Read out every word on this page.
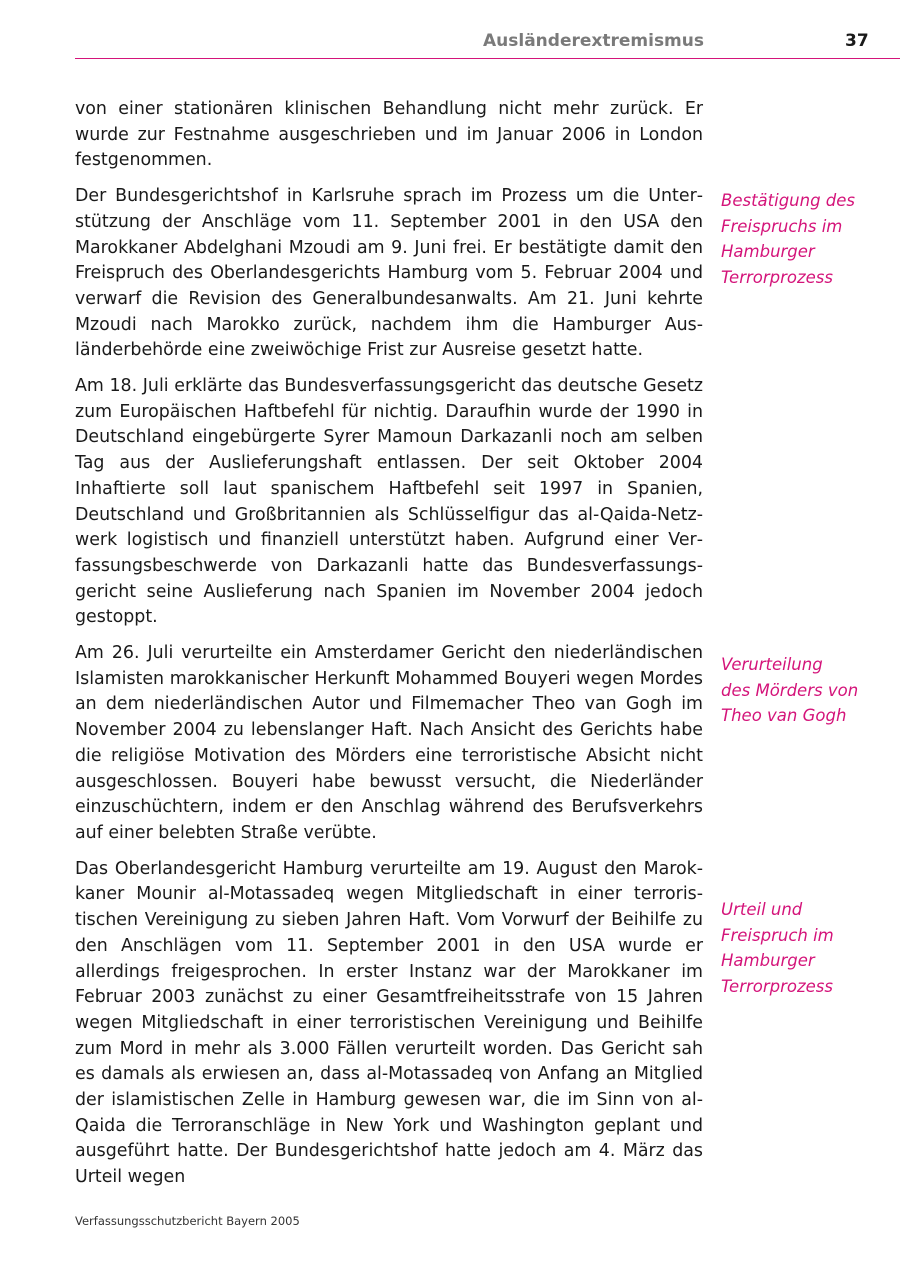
Ausländerextremismus	37

von einer stationären klinischen Behandlung nicht mehr zurück. Er wurde zur Festnahme ausgeschrieben und im Januar 2006 in London festgenommen.

Der Bundesgerichtshof in Karlsruhe sprach im Prozess um die Unterstützung der Anschläge vom 11. September 2001 in den USA den Marokkaner Abdelghani Mzoudi am 9. Juni frei. Er bestätigte damit den Freispruch des Oberlandesgerichts Hamburg vom 5. Februar 2004 und verwarf die Revision des Generalbundesanwalts. Am 21. Juni kehrte Mzoudi nach Marokko zurück, nachdem ihm die Hamburger Ausländerbehörde eine zweiwöchige Frist zur Ausreise gesetzt hatte.

Am 18. Juli erklärte das Bundesverfassungsgericht das deutsche Gesetz zum Europäischen Haftbefehl für nichtig. Daraufhin wurde der 1990 in Deutschland eingebürgerte Syrer Mamoun Darkazanli noch am selben Tag aus der Auslieferungshaft entlassen. Der seit Oktober 2004 Inhaftierte soll laut spanischem Haftbefehl seit 1997 in Spanien, Deutschland und Großbritannien als Schlüsselfigur das al-Qaida-Netzwerk logistisch und finanziell unterstützt haben. Aufgrund einer Verfassungsbeschwerde von Darkazanli hatte das Bundesverfassungsgericht seine Auslieferung nach Spanien im November 2004 jedoch gestoppt.

Am 26. Juli verurteilte ein Amsterdamer Gericht den niederländischen Islamisten marokkanischer Herkunft Mohammed Bouyeri wegen Mordes an dem niederländischen Autor und Filmemacher Theo van Gogh im November 2004 zu lebenslanger Haft. Nach Ansicht des Gerichts habe die religiöse Motivation des Mörders eine terroristische Absicht nicht ausgeschlossen. Bouyeri habe bewusst versucht, die Niederländer einzuschüchtern, indem er den Anschlag während des Berufsverkehrs auf einer belebten Straße verübte.

Das Oberlandesgericht Hamburg verurteilte am 19. August den Marokkaner Mounir al-Motassadeq wegen Mitgliedschaft in einer terroristischen Vereinigung zu sieben Jahren Haft. Vom Vorwurf der Beihilfe zu den Anschlägen vom 11. September 2001 in den USA wurde er allerdings freigesprochen. In erster Instanz war der Marokkaner im Februar 2003 zunächst zu einer Gesamtfreiheitsstrafe von 15 Jahren wegen Mitgliedschaft in einer terroristischen Vereinigung und Beihilfe zum Mord in mehr als 3.000 Fällen verurteilt worden. Das Gericht sah es damals als erwiesen an, dass al-Motassadeq von Anfang an Mitglied der islamistischen Zelle in Hamburg gewesen war, die im Sinn von al-Qaida die Terroranschläge in New York und Washington geplant und ausgeführt hatte. Der Bundesgerichtshof hatte jedoch am 4. März das Urteil wegen

Bestätigung des
Freispruchs im
Hamburger
Terrorprozess
Verurteilung
des Mörders von
Theo van Gogh
Urteil und
Freispruch im
Hamburger
Terrorprozess
Verfassungsschutzbericht Bayern 2005
